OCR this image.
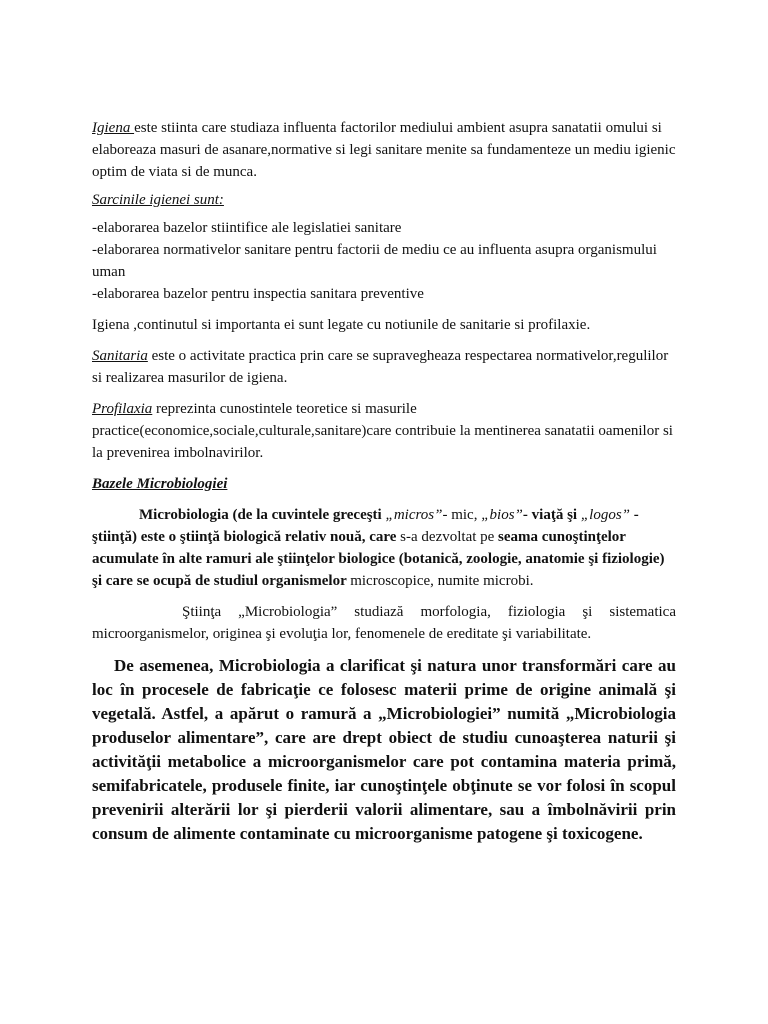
Igiena este stiinta care studiaza influenta factorilor mediului ambient asupra sanatatii omului si elaboreaza masuri de asanare,normative si legi sanitare menite sa fundamenteze un mediu igienic optim de viata si de munca.

Sarcinile igienei sunt:

-elaborarea bazelor stiintifice ale legislatiei sanitare

-elaborarea normativelor sanitare pentru factorii de mediu ce au influenta asupra organismului uman

-elaborarea bazelor pentru inspectia sanitara preventive

Igiena ,continutul si importanta ei sunt legate cu notiunile de sanitarie si profilaxie.

Sanitaria este o activitate practica prin care se supravegheaza respectarea normativelor,regulilor si realizarea masurilor de igiena.

Profilaxia reprezinta cunostintele teoretice si masurile practice(economice,sociale,culturale,sanitare)care contribuie la mentinerea sanatatii oamenilor si la prevenirea imbolnavirilor.

Bazele Microbiologiei

Microbiologia (de la cuvintele greceşti „micros”- mic, „bios”- viaţă şi „logos” - ştiinţă) este o ştiinţă biologică relativ nouă, care s-a dezvoltat pe seama cunoştinţelor acumulate în alte ramuri ale ştiinţelor biologice (botanică, zoologie, anatomie şi fiziologie) şi care se ocupă de studiul organismelor microscopice, numite microbi.

Ştiinţa „Microbiologia” studiază morfologia, fiziologia şi sistematica microorganismelor, originea şi evoluţia lor, fenomenele de ereditate şi variabilitate.

De asemenea, Microbiologia a clarificat şi natura unor transformări care au loc în procesele de fabricaţie ce folosesc materii prime de origine animală şi vegetală. Astfel, a apărut o ramură a „Microbiologiei” numită „Microbiologia produselor alimentare”, care are drept obiect de studiu cunoaşterea naturii şi activităţii metabolice a microorganismelor care pot contamina materia primă, semifabricatele, produsele finite, iar cunoştinţele obţinute se vor folosi în scopul prevenirii alterării lor şi pierderii valorii alimentare, sau a îmbolnăvirii prin consum de alimente contaminate cu microorganisme patogene şi toxicogene.
